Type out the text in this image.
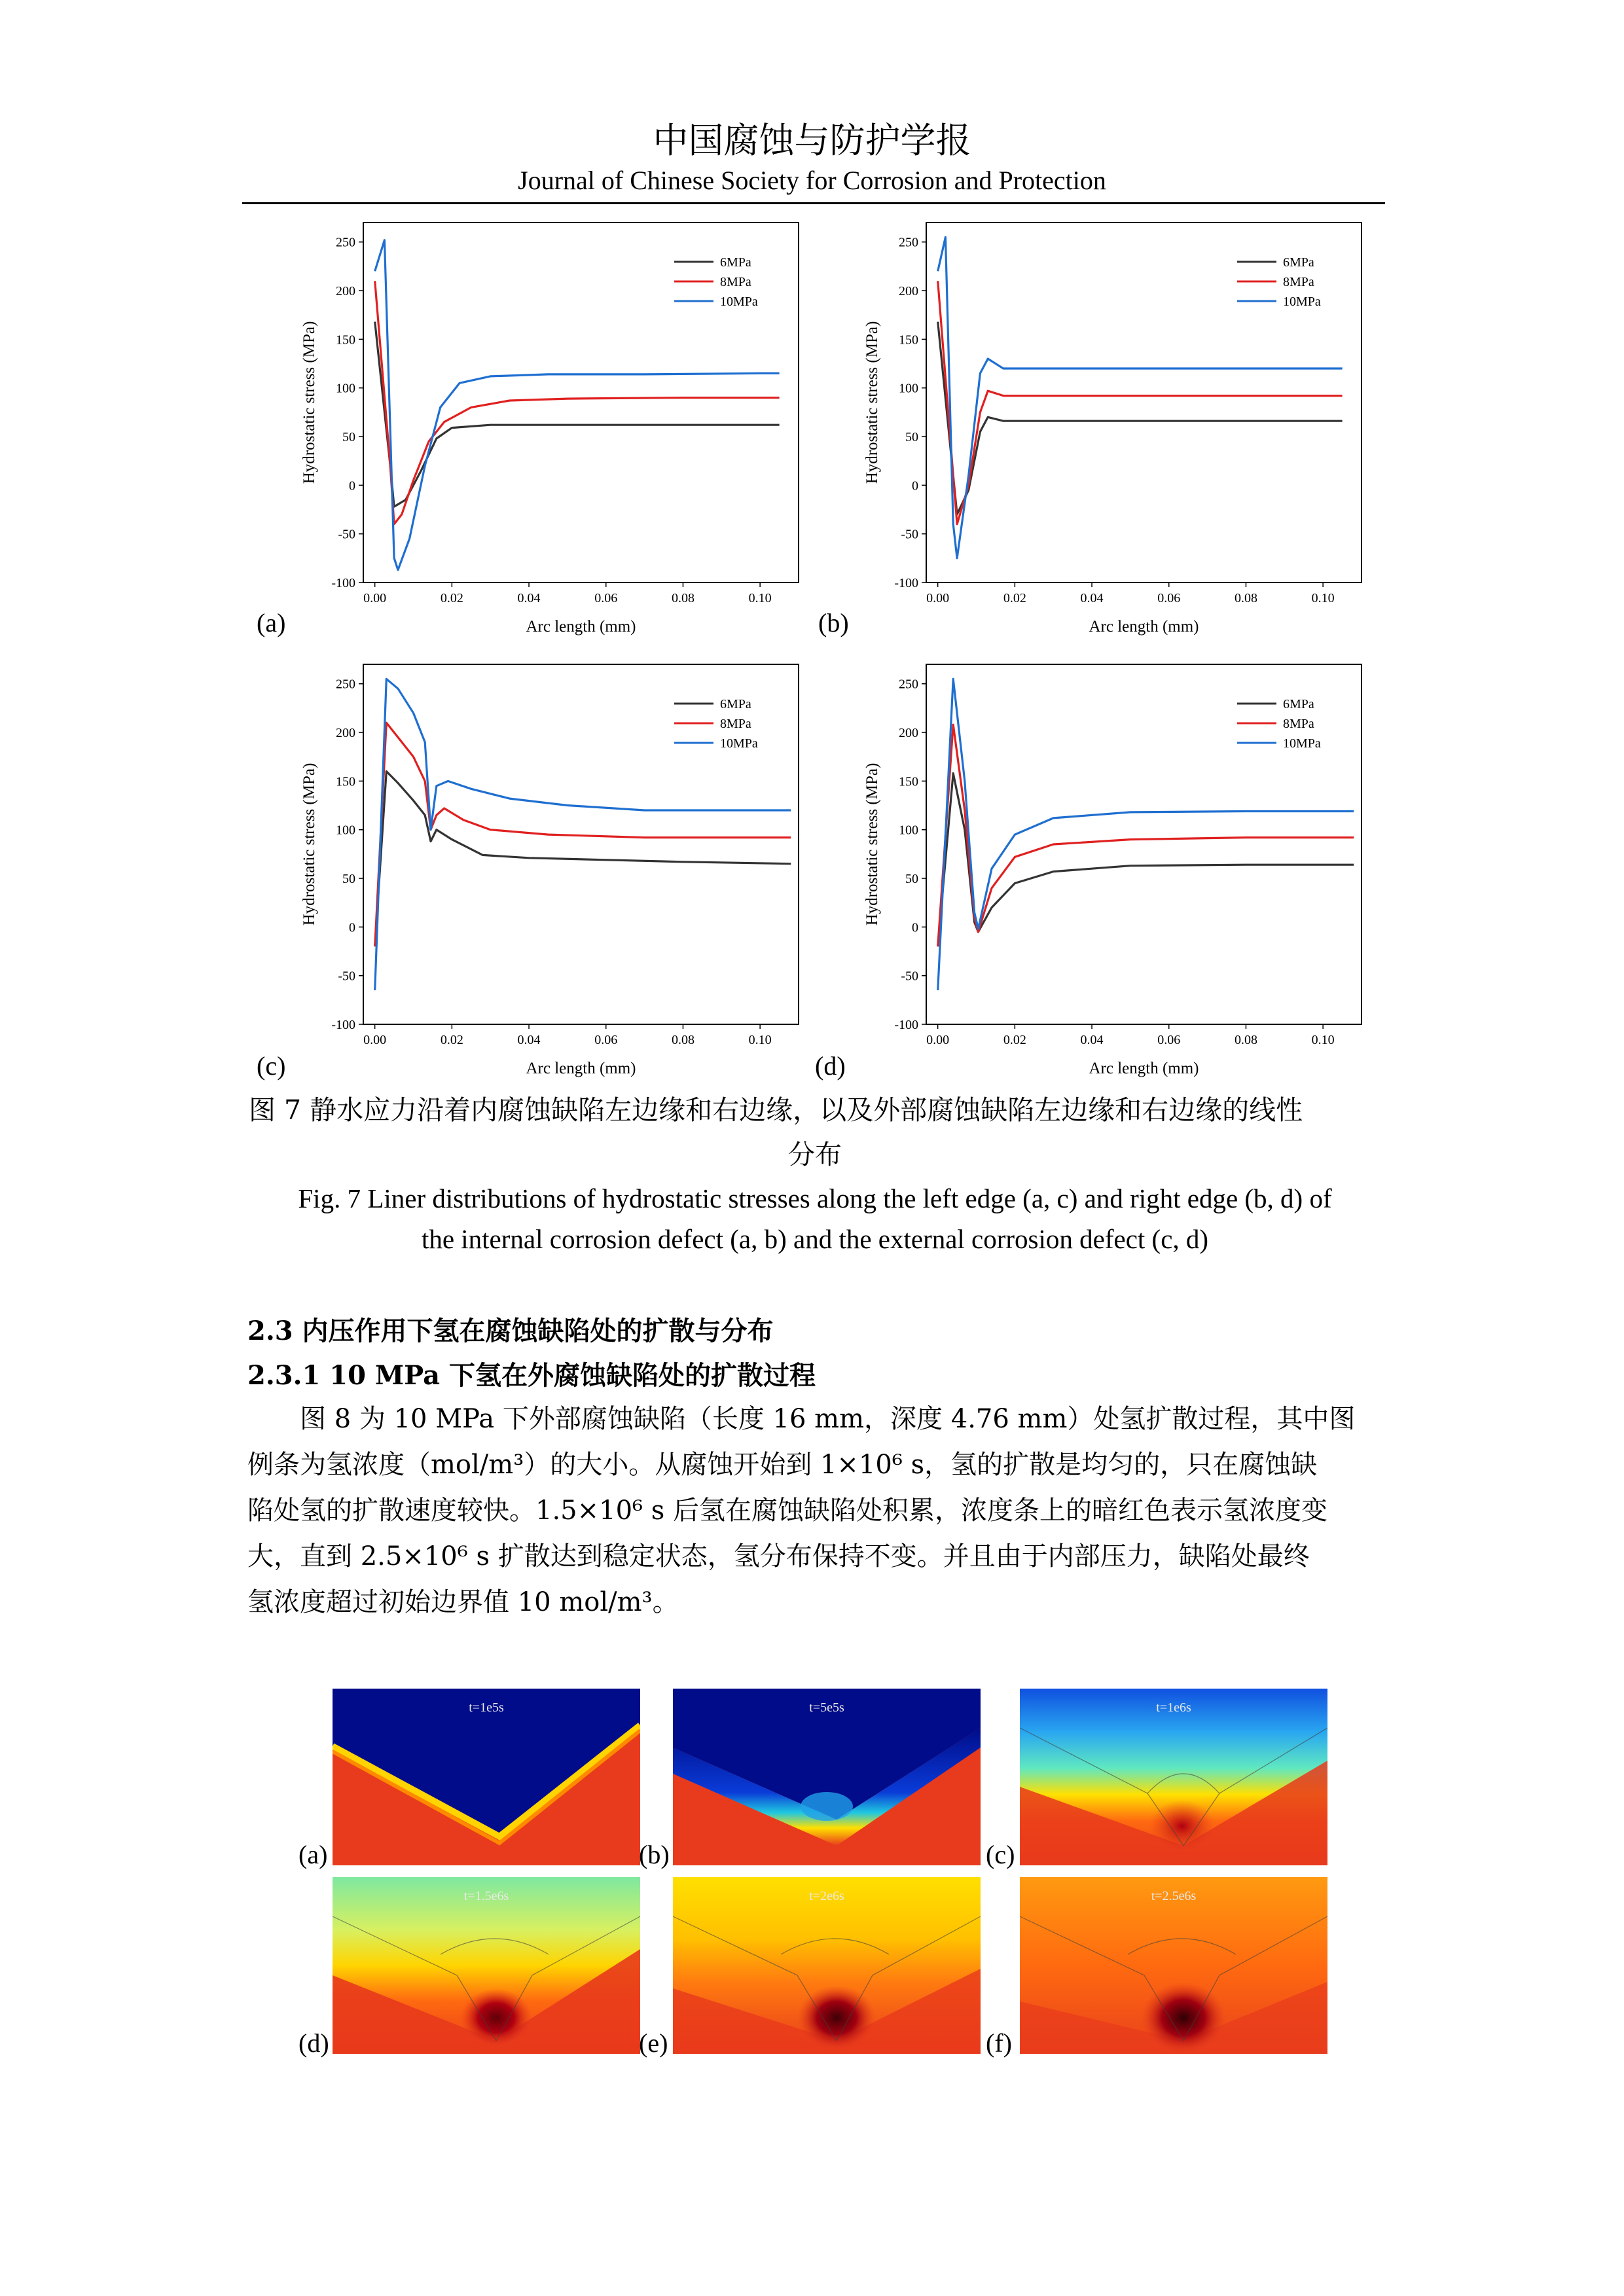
中国腐蚀与防护学报
Journal of Chinese Society for Corrosion and Protection
-100
-50
0
50
100
150
200
250
0.00	0.02	0.04	0.06	0.08	0.10
Arc length (mm)
Hydrostatic stress (MPa)
6MPa
8MPa
10MPa
-100
-50
0
50
100
150
200
250
0.00	0.02	0.04	0.06	0.08	0.10
Arc length (mm)
Hydrostatic stress (MPa)
6MPa
8MPa
10MPa
-100
-50
0
50
100
150
200
250
0.00	0.02	0.04	0.06	0.08	0.10
Arc length (mm)
Hydrostatic stress (MPa)
6MPa
8MPa
10MPa
-100
-50
0
50
100
150
200
250
0.00	0.02	0.04	0.06	0.08	0.10
Arc length (mm)
Hydrostatic stress (MPa)
6MPa
8MPa
10MPa
(a)	(b)
(c)	(d)
图 7 静水应力沿着内腐蚀缺陷左边缘和右边缘，以及外部腐蚀缺陷左边缘和右边缘的线性
分布
Fig. 7 Liner distributions of hydrostatic stresses along the left edge (a, c) and right edge (b, d) of
the internal corrosion defect (a, b) and the external corrosion defect (c, d)
2.3 内压作用下氢在腐蚀缺陷处的扩散与分布
2.3.1 10 MPa 下氢在外腐蚀缺陷处的扩散过程
图 8 为 10 MPa 下外部腐蚀缺陷（长度 16 mm，深度 4.76 mm）处氢扩散过程，其中图
例条为氢浓度（mol/m³）的大小。从腐蚀开始到 1×10⁶ s，氢的扩散是均匀的，只在腐蚀缺
陷处氢的扩散速度较快。1.5×10⁶ s 后氢在腐蚀缺陷处积累，浓度条上的暗红色表示氢浓度变
大，直到 2.5×10⁶ s 扩散达到稳定状态，氢分布保持不变。并且由于内部压力，缺陷处最终
氢浓度超过初始边界值 10 mol/m³。
t=1e5s	t=5e5s	t=1e6s
t=1.5e6s	t=2e6s	t=2.5e6s
(a)	(b)	(c)
(d)	(e)	(f)
